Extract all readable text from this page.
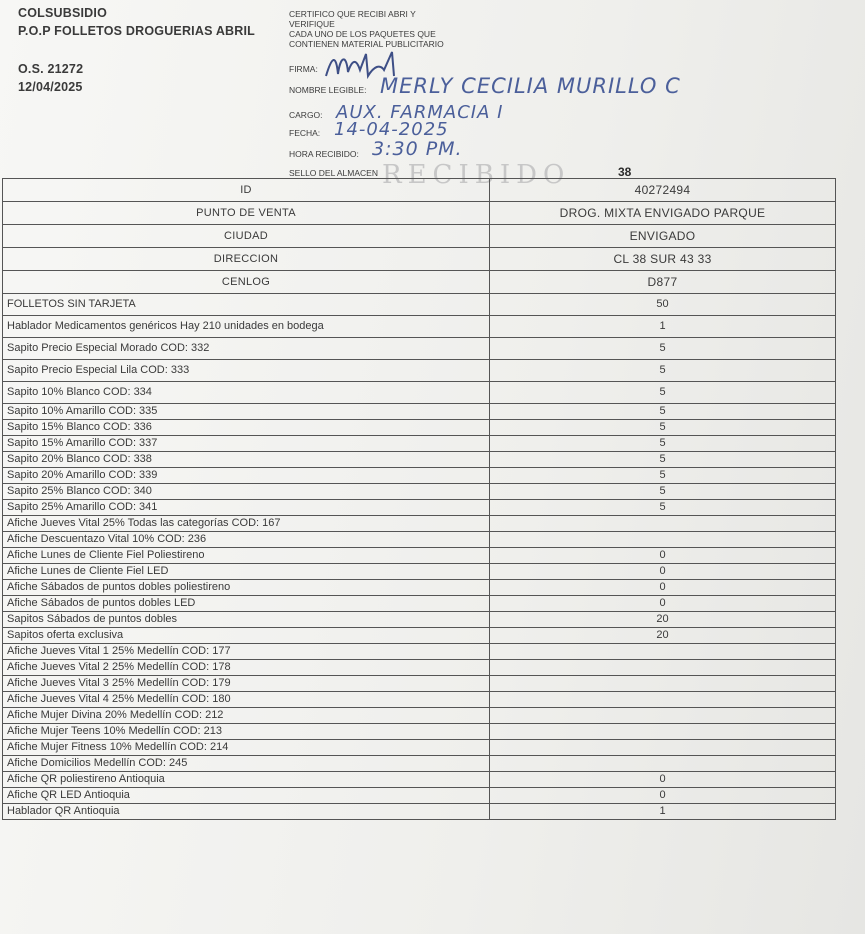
COLSUBSIDIO
P.O.P FOLLETOS DROGUERIAS ABRIL
O.S. 21272
12/04/2025
CERTIFICO QUE RECIBI ABRI Y
VERIFIQUE
CADA UNO DE LOS PAQUETES QUE
CONTIENEN MATERIAL PUBLICITARIO
FIRMA:
NOMBRE LEGIBLE: MERLY CECILIA MURILLO C
CARGO: AUX. FARMACIA I
FECHA: 14-04-2025
HORA RECIBIDO: 3:30 PM.
SELLO DEL ALMACEN RECIBIDO	38
ID	40272494
PUNTO DE VENTA	DROG. MIXTA ENVIGADO PARQUE
CIUDAD	ENVIGADO
DIRECCION	CL 38 SUR 43 33
CENLOG	D877
FOLLETOS SIN TARJETA	50
Hablador Medicamentos genéricos Hay 210 unidades en bodega	1
Sapito Precio Especial Morado COD: 332	5
Sapito Precio Especial Lila COD: 333	5
Sapito 10% Blanco COD: 334	5
Sapito 10% Amarillo COD: 335	5
Sapito 15% Blanco COD: 336	5
Sapito 15% Amarillo COD: 337	5
Sapito 20% Blanco COD: 338	5
Sapito 20% Amarillo COD: 339	5
Sapito 25% Blanco COD: 340	5
Sapito 25% Amarillo COD: 341	5
Afiche Jueves Vital 25% Todas las categorías COD: 167	
Afiche Descuentazo Vital 10% COD: 236	
Afiche Lunes de Cliente Fiel Poliestireno	0
Afiche Lunes de Cliente Fiel LED	0
Afiche Sábados de puntos dobles poliestireno	0
Afiche Sábados de puntos dobles LED	0
Sapitos Sábados de puntos dobles	20
Sapitos oferta exclusiva	20
Afiche Jueves Vital 1 25% Medellín COD: 177	
Afiche Jueves Vital 2 25% Medellín COD: 178	
Afiche Jueves Vital 3 25% Medellín COD: 179	
Afiche Jueves Vital 4 25% Medellín COD: 180	
Afiche Mujer Divina 20% Medellín COD: 212	
Afiche Mujer Teens 10% Medellín COD: 213	
Afiche Mujer Fitness 10% Medellín COD: 214	
Afiche Domicilios Medellín COD: 245	
Afiche QR poliestireno Antioquia	0
Afiche QR LED Antioquia	0
Hablador QR Antioquia	1
